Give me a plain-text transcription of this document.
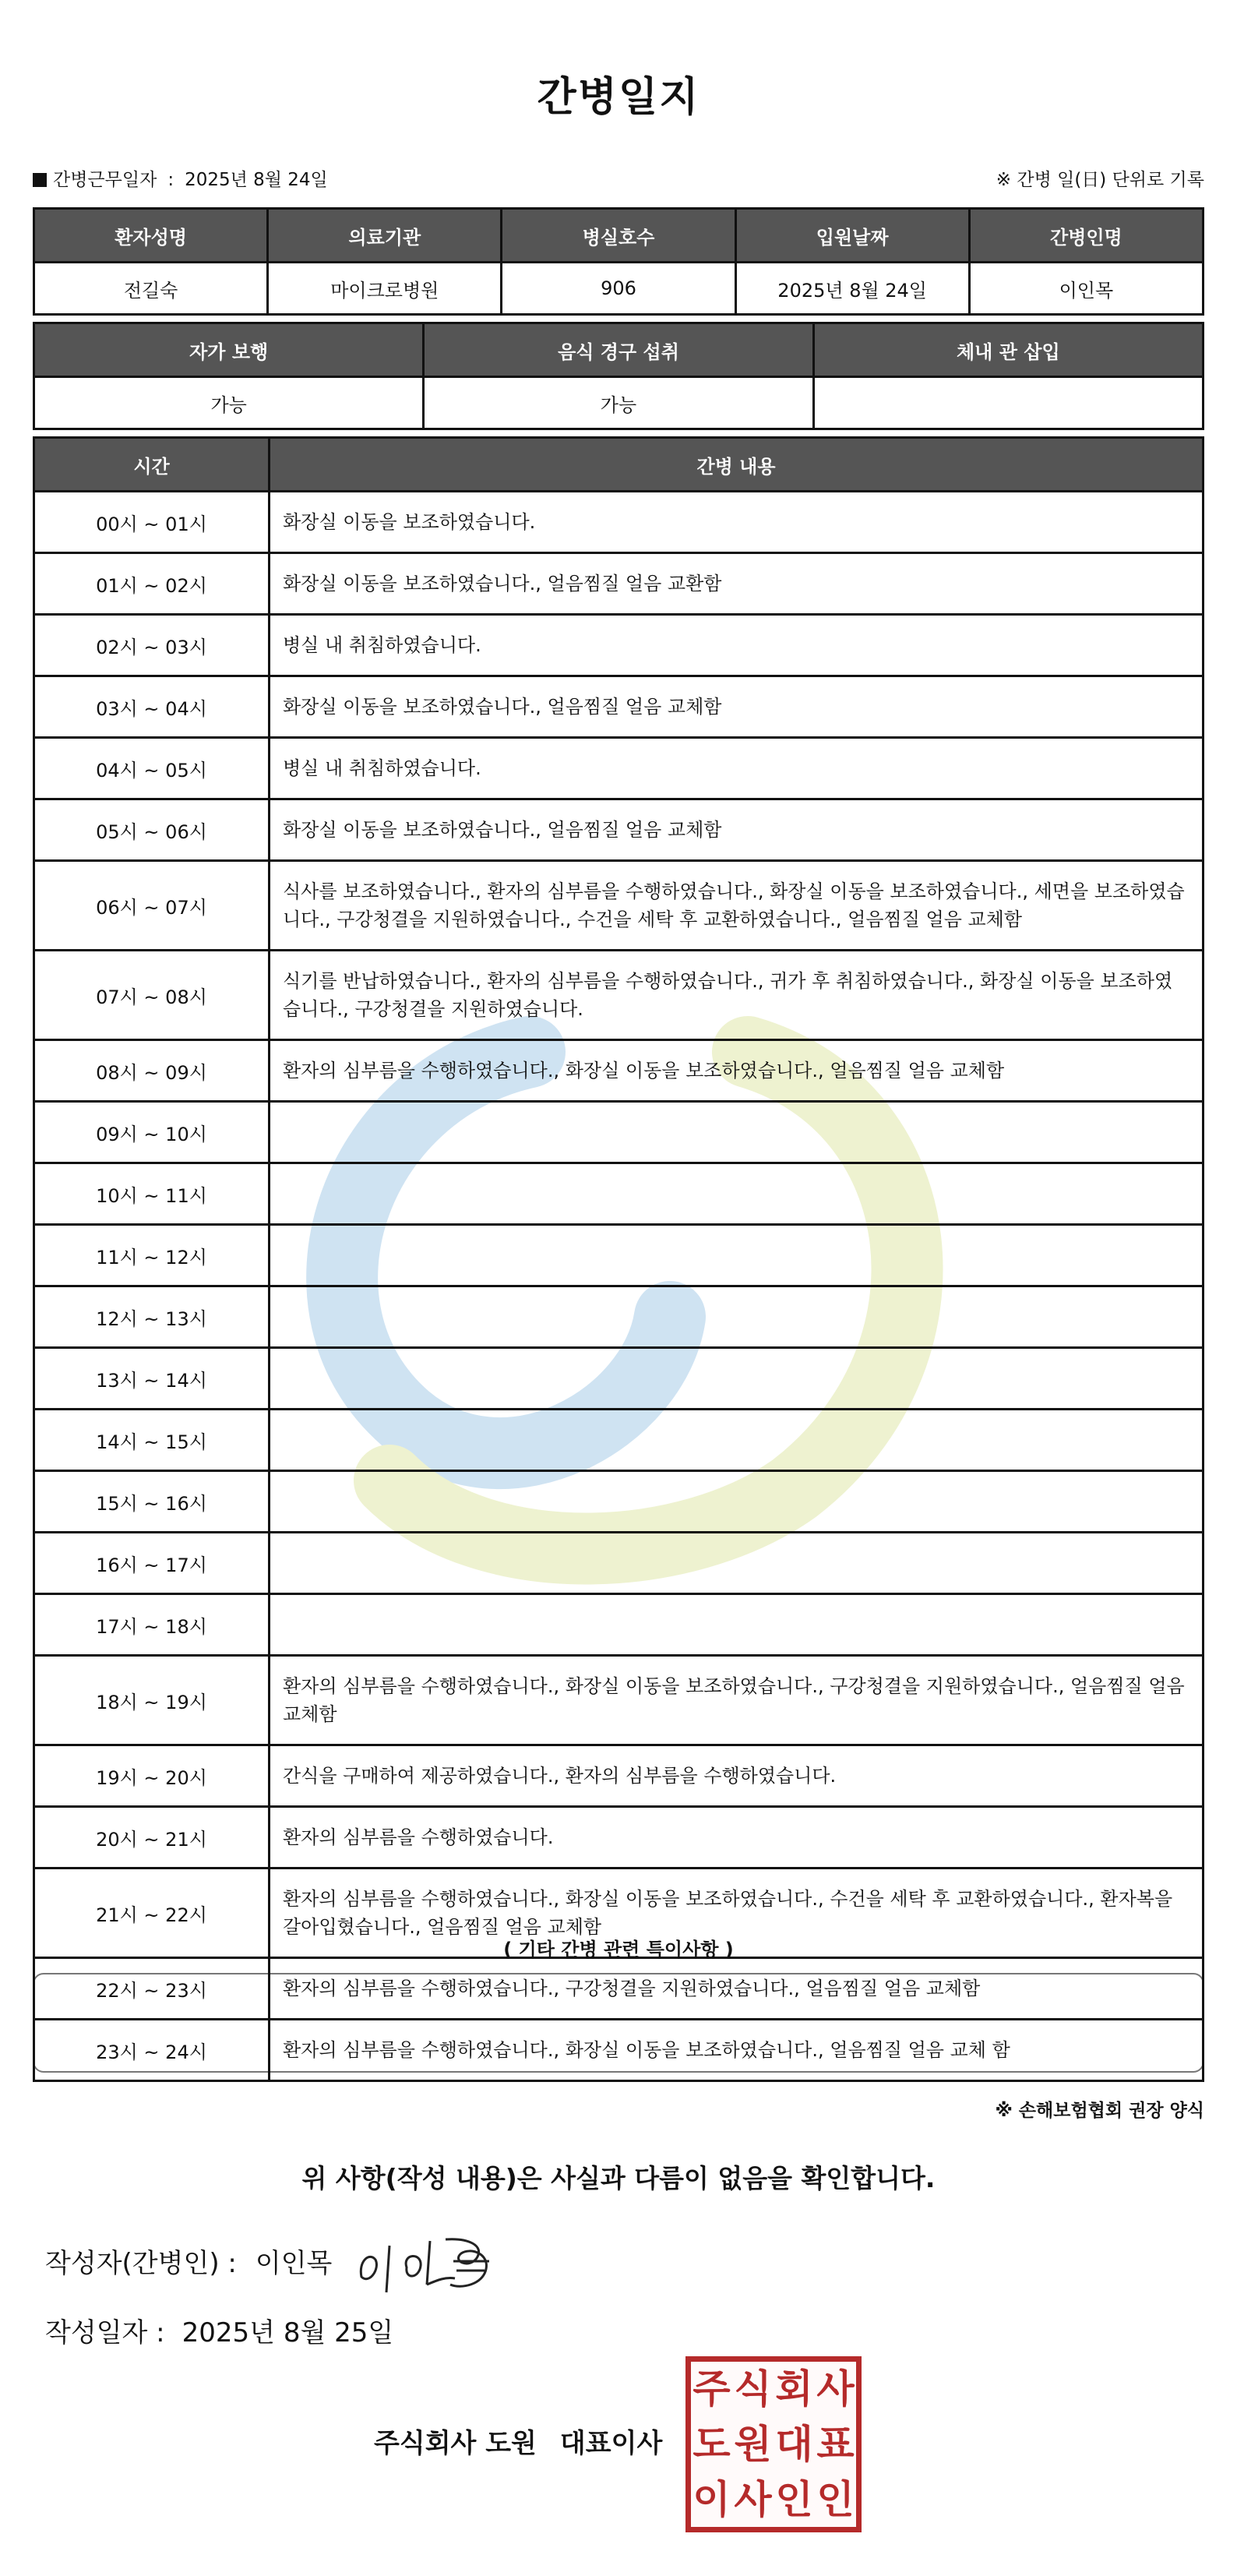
간병일지
간병근무일자 : 2025년 8월 24일	※ 간병 일(日) 단위로 기록
환자성명	의료기관	병실호수	입원날짜	간병인명
전길숙	마이크로병원	906	2025년 8월 24일	이인목
자가 보행	음식 경구 섭취	체내 관 삽입
가능	가능	
시간	간병 내용
00시 ~ 01시	화장실 이동을 보조하였습니다.
01시 ~ 02시	화장실 이동을 보조하였습니다., 얼음찜질 얼음 교환함
02시 ~ 03시	병실 내 취침하였습니다.
03시 ~ 04시	화장실 이동을 보조하였습니다., 얼음찜질 얼음 교체함
04시 ~ 05시	병실 내 취침하였습니다.
05시 ~ 06시	화장실 이동을 보조하였습니다., 얼음찜질 얼음 교체함
06시 ~ 07시	식사를 보조하였습니다., 환자의 심부름을 수행하였습니다., 화장실 이동을 보조하였습니다., 세면을 보조하였습니다., 구강청결을 지원하였습니다., 수건을 세탁 후 교환하였습니다., 얼음찜질 얼음 교체함
07시 ~ 08시	식기를 반납하였습니다., 환자의 심부름을 수행하였습니다., 귀가 후 취침하였습니다., 화장실 이동을 보조하였습니다., 구강청결을 지원하였습니다.
08시 ~ 09시	환자의 심부름을 수행하였습니다., 화장실 이동을 보조하였습니다., 얼음찜질 얼음 교체함
09시 ~ 10시	
10시 ~ 11시	
11시 ~ 12시	
12시 ~ 13시	
13시 ~ 14시	
14시 ~ 15시	
15시 ~ 16시	
16시 ~ 17시	
17시 ~ 18시	
18시 ~ 19시	환자의 심부름을 수행하였습니다., 화장실 이동을 보조하였습니다., 구강청결을 지원하였습니다., 얼음찜질 얼음 교체함
19시 ~ 20시	간식을 구매하여 제공하였습니다., 환자의 심부름을 수행하였습니다.
20시 ~ 21시	환자의 심부름을 수행하였습니다.
21시 ~ 22시	환자의 심부름을 수행하였습니다., 화장실 이동을 보조하였습니다., 수건을 세탁 후 교환하였습니다., 환자복을 갈아입혔습니다., 얼음찜질 얼음 교체함
22시 ~ 23시	환자의 심부름을 수행하였습니다., 구강청결을 지원하였습니다., 얼음찜질 얼음 교체함
23시 ~ 24시	환자의 심부름을 수행하였습니다., 화장실 이동을 보조하였습니다., 얼음찜질 얼음 교체 함
( 기타 간병 관련 특이사항 )
※ 손해보험협회 권장 양식
위 사항(작성 내용)은 사실과 다름이 없음을 확인합니다.
작성자(간병인) : 이인목
작성일자 : 2025년 8월 25일
주식회사 도원 대표이사
주 식 회 사
도 원 대 표
이 사 인 인
